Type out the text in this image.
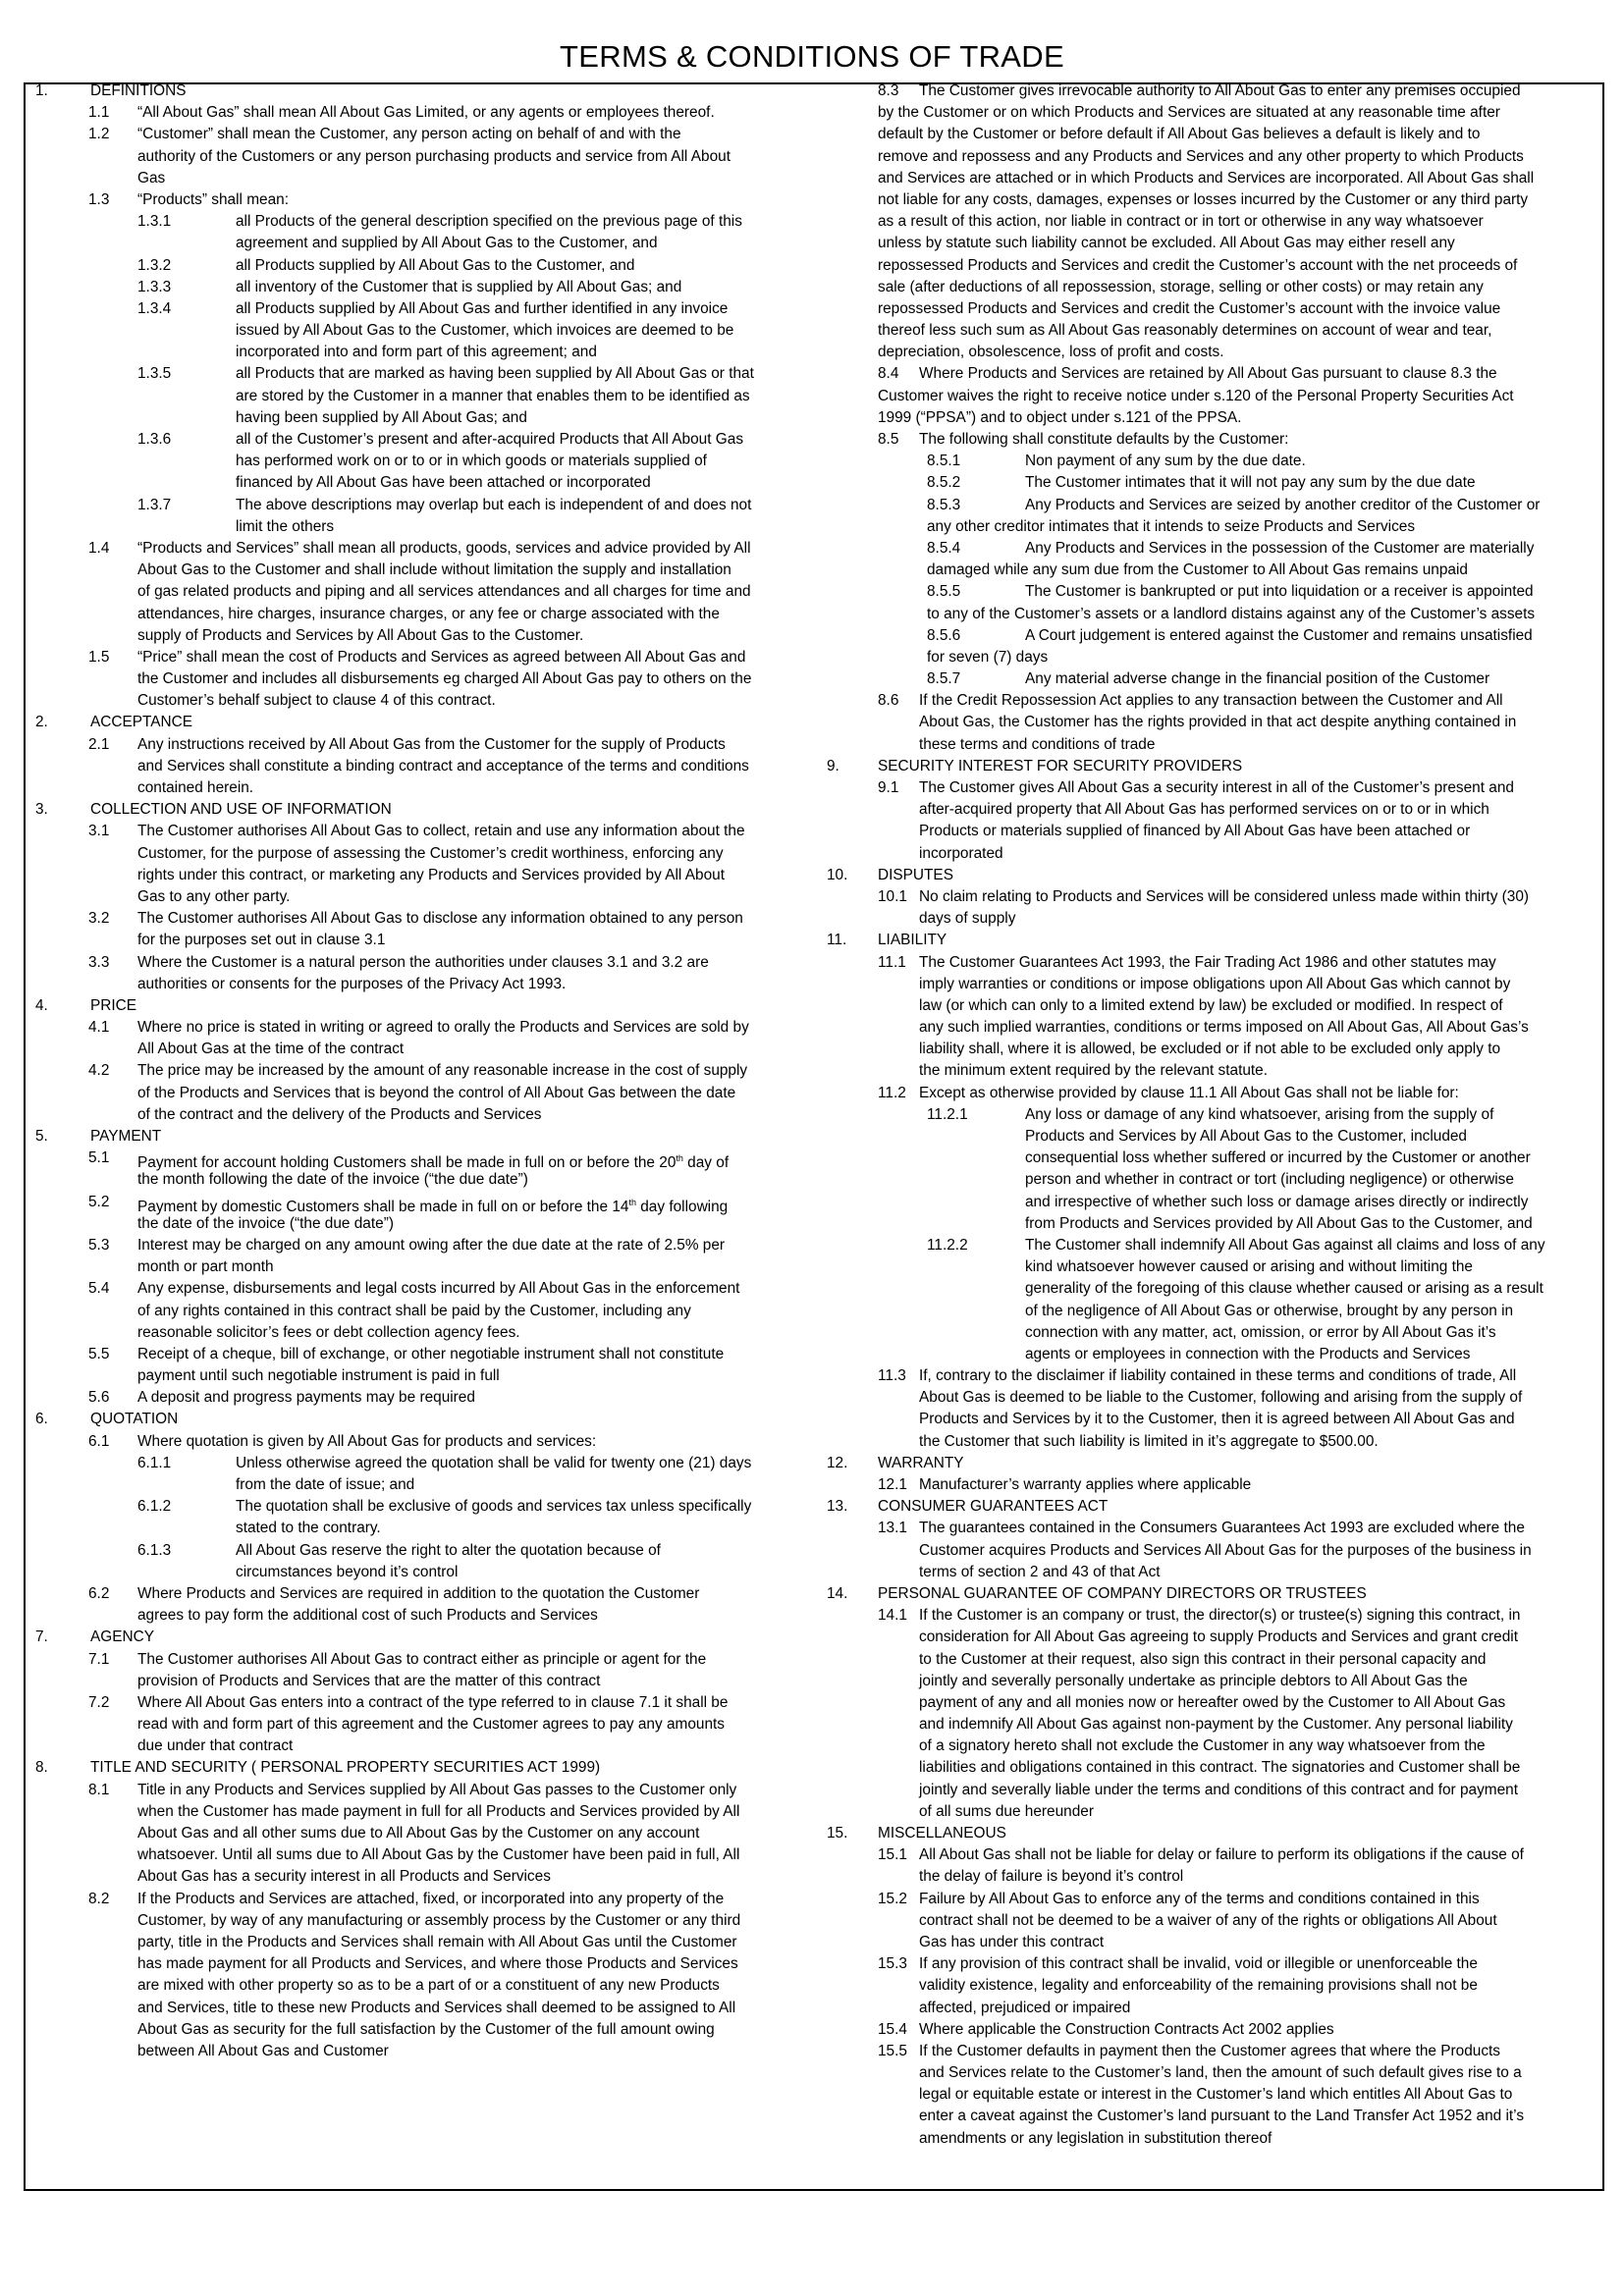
TERMS & CONDITIONS OF TRADE
1.	DEFINITIONS
1.1 “All About Gas” shall mean All About Gas Limited, or any agents or employees thereof.
1.2 “Customer” shall mean the Customer, any person acting on behalf of and with the
authority of the Customers or any person purchasing products and service from All About
Gas
1.3 “Products” shall mean:
1.3.1	all Products of the general description specified on the previous page of this
agreement and supplied by All About Gas to the Customer, and
1.3.2	all Products supplied by All About Gas to the Customer, and
1.3.3	all inventory of the Customer that is supplied by All About Gas; and
1.3.4	all Products supplied by All About Gas and further identified in any invoice
issued by All About Gas to the Customer, which invoices are deemed to be
incorporated into and form part of this agreement; and
1.3.5	all Products that are marked as having been supplied by All About Gas or that
are stored by the Customer in a manner that enables them to be identified as
having been supplied by All About Gas; and
1.3.6	all of the Customer’s present and after-acquired Products that All About Gas
has performed work on or to or in which goods or materials supplied of
financed by All About Gas have been attached or incorporated
1.3.7	The above descriptions may overlap but each is independent of and does not
limit the others
1.4 “Products and Services” shall mean all products, goods, services and advice provided by All
About Gas to the Customer and shall include without limitation the supply and installation
of gas related products and piping and all services attendances and all charges for time and
attendances, hire charges, insurance charges, or any fee or charge associated with the
supply of Products and Services by All About Gas to the Customer.
1.5 “Price” shall mean the cost of Products and Services as agreed between All About Gas and
the Customer and includes all disbursements eg charged All About Gas pay to others on the
Customer’s behalf subject to clause 4 of this contract.
2.	ACCEPTANCE
2.1 Any instructions received by All About Gas from the Customer for the supply of Products
and Services shall constitute a binding contract and acceptance of the terms and conditions
contained herein.
3.	COLLECTION AND USE OF INFORMATION
3.1 The Customer authorises All About Gas to collect, retain and use any information about the
Customer, for the purpose of assessing the Customer’s credit worthiness, enforcing any
rights under this contract, or marketing any Products and Services provided by All About
Gas to any other party.
3.2 The Customer authorises All About Gas to disclose any information obtained to any person
for the purposes set out in clause 3.1
3.3 Where the Customer is a natural person the authorities under clauses 3.1 and 3.2 are
authorities or consents for the purposes of the Privacy Act 1993.
4.	PRICE
4.1 Where no price is stated in writing or agreed to orally the Products and Services are sold by
All About Gas at the time of the contract
4.2 The price may be increased by the amount of any reasonable increase in the cost of supply
of the Products and Services that is beyond the control of All About Gas between the date
of the contract and the delivery of the Products and Services
5.	PAYMENT
5.1 Payment for account holding Customers shall be made in full on or before the 20th day of
the month following the date of the invoice (“the due date”)
5.2 Payment by domestic Customers shall be made in full on or before the 14th day following
the date of the invoice (“the due date”)
5.3 Interest may be charged on any amount owing after the due date at the rate of 2.5% per
month or part month
5.4 Any expense, disbursements and legal costs incurred by All About Gas in the enforcement
of any rights contained in this contract shall be paid by the Customer, including any
reasonable solicitor’s fees or debt collection agency fees.
5.5 Receipt of a cheque, bill of exchange, or other negotiable instrument shall not constitute
payment until such negotiable instrument is paid in full
5.6 A deposit and progress payments may be required
6.	QUOTATION
6.1 Where quotation is given by All About Gas for products and services:
6.1.1	Unless otherwise agreed the quotation shall be valid for twenty one (21) days
from the date of issue; and
6.1.2	The quotation shall be exclusive of goods and services tax unless specifically
stated to the contrary.
6.1.3	All About Gas reserve the right to alter the quotation because of
circumstances beyond it’s control
6.2 Where Products and Services are required in addition to the quotation the Customer
agrees to pay form the additional cost of such Products and Services
7.	AGENCY
7.1 The Customer authorises All About Gas to contract either as principle or agent for the
provision of Products and Services that are the matter of this contract
7.2 Where All About Gas enters into a contract of the type referred to in clause 7.1 it shall be
read with and form part of this agreement and the Customer agrees to pay any amounts
due under that contract
8.	TITLE AND SECURITY ( PERSONAL PROPERTY SECURITIES ACT 1999)
8.1 Title in any Products and Services supplied by All About Gas passes to the Customer only
when the Customer has made payment in full for all Products and Services provided by All
About Gas and all other sums due to All About Gas by the Customer on any account
whatsoever. Until all sums due to All About Gas by the Customer have been paid in full, All
About Gas has a security interest in all Products and Services
8.2 If the Products and Services are attached, fixed, or incorporated into any property of the
Customer, by way of any manufacturing or assembly process by the Customer or any third
party, title in the Products and Services shall remain with All About Gas until the Customer
has made payment for all Products and Services, and where those Products and Services
are mixed with other property so as to be a part of or a constituent of any new Products
and Services, title to these new Products and Services shall deemed to be assigned to All
About Gas as security for the full satisfaction by the Customer of the full amount owing
between All About Gas and Customer
8.3 The Customer gives irrevocable authority to All About Gas to enter any premises occupied
by the Customer or on which Products and Services are situated at any reasonable time after
default by the Customer or before default if All About Gas believes a default is likely and to
remove and repossess and any Products and Services and any other property to which Products
and Services are attached or in which Products and Services are incorporated. All About Gas shall
not liable for any costs, damages, expenses or losses incurred by the Customer or any third party
as a result of this action, nor liable in contract or in tort or otherwise in any way whatsoever
unless by statute such liability cannot be excluded. All About Gas may either resell any
repossessed Products and Services and credit the Customer’s account with the net proceeds of
sale (after deductions of all repossession, storage, selling or other costs) or may retain any
repossessed Products and Services and credit the Customer’s account with the invoice value
thereof less such sum as All About Gas reasonably determines on account of wear and tear,
depreciation, obsolescence, loss of profit and costs.
8.4 Where Products and Services are retained by All About Gas pursuant to clause 8.3 the
Customer waives the right to receive notice under s.120 of the Personal Property Securities Act
1999 (“PPSA”) and to object under s.121 of the PPSA.
8.5 The following shall constitute defaults by the Customer:
8.5.1	Non payment of any sum by the due date.
8.5.2	The Customer intimates that it will not pay any sum by the due date
8.5.3	Any Products and Services are seized by another creditor of the Customer or
any other creditor intimates that it intends to seize Products and Services
8.5.4	Any Products and Services in the possession of the Customer are materially
damaged while any sum due from the Customer to All About Gas remains unpaid
8.5.5	The Customer is bankrupted or put into liquidation or a receiver is appointed
to any of the Customer’s assets or a landlord distains against any of the Customer’s assets
8.5.6	A Court judgement is entered against the Customer and remains unsatisfied
for seven (7) days
8.5.7	Any material adverse change in the financial position of the Customer
8.6 If the Credit Repossession Act applies to any transaction between the Customer and All
About Gas, the Customer has the rights provided in that act despite anything contained in
these terms and conditions of trade
9.	SECURITY INTEREST FOR SECURITY PROVIDERS
9.1 The Customer gives All About Gas a security interest in all of the Customer’s present and
after-acquired property that All About Gas has performed services on or to or in which
Products or materials supplied of financed by All About Gas have been attached or
incorporated
10. DISPUTES
10.1 No claim relating to Products and Services will be considered unless made within thirty (30)
days of supply
11. LIABILITY
11.1 The Customer Guarantees Act 1993, the Fair Trading Act 1986 and other statutes may
imply warranties or conditions or impose obligations upon All About Gas which cannot by
law (or which can only to a limited extend by law) be excluded or modified. In respect of
any such implied warranties, conditions or terms imposed on All About Gas, All About Gas’s
liability shall, where it is allowed, be excluded or if not able to be excluded only apply to
the minimum extent required by the relevant statute.
11.2 Except as otherwise provided by clause 11.1 All About Gas shall not be liable for:
11.2.1	Any loss or damage of any kind whatsoever, arising from the supply of
Products and Services by All About Gas to the Customer, included
consequential loss whether suffered or incurred by the Customer or another
person and whether in contract or tort (including negligence) or otherwise
and irrespective of whether such loss or damage arises directly or indirectly
from Products and Services provided by All About Gas to the Customer, and
11.2.2	The Customer shall indemnify All About Gas against all claims and loss of any
kind whatsoever however caused or arising and without limiting the
generality of the foregoing of this clause whether caused or arising as a result
of the negligence of All About Gas or otherwise, brought by any person in
connection with any matter, act, omission, or error by All About Gas it’s
agents or employees in connection with the Products and Services
11.3 If, contrary to the disclaimer if liability contained in these terms and conditions of trade, All
About Gas is deemed to be liable to the Customer, following and arising from the supply of
Products and Services by it to the Customer, then it is agreed between All About Gas and
the Customer that such liability is limited in it’s aggregate to $500.00.
12. WARRANTY
12.1 Manufacturer’s warranty applies where applicable
13. CONSUMER GUARANTEES ACT
13.1 The guarantees contained in the Consumers Guarantees Act 1993 are excluded where the
Customer acquires Products and Services All About Gas for the purposes of the business in
terms of section 2 and 43 of that Act
14. PERSONAL GUARANTEE OF COMPANY DIRECTORS OR TRUSTEES
14.1 If the Customer is an company or trust, the director(s) or trustee(s) signing this contract, in
consideration for All About Gas agreeing to supply Products and Services and grant credit
to the Customer at their request, also sign this contract in their personal capacity and
jointly and severally personally undertake as principle debtors to All About Gas the
payment of any and all monies now or hereafter owed by the Customer to All About Gas
and indemnify All About Gas against non-payment by the Customer. Any personal liability
of a signatory hereto shall not exclude the Customer in any way whatsoever from the
liabilities and obligations contained in this contract. The signatories and Customer shall be
jointly and severally liable under the terms and conditions of this contract and for payment
of all sums due hereunder
15. MISCELLANEOUS
15.1 All About Gas shall not be liable for delay or failure to perform its obligations if the cause of
the delay of failure is beyond it’s control
15.2 Failure by All About Gas to enforce any of the terms and conditions contained in this
contract shall not be deemed to be a waiver of any of the rights or obligations All About
Gas has under this contract
15.3 If any provision of this contract shall be invalid, void or illegible or unenforceable the
validity existence, legality and enforceability of the remaining provisions shall not be
affected, prejudiced or impaired
15.4 Where applicable the Construction Contracts Act 2002 applies
15.5 If the Customer defaults in payment then the Customer agrees that where the Products
and Services relate to the Customer’s land, then the amount of such default gives rise to a
legal or equitable estate or interest in the Customer’s land which entitles All About Gas to
enter a caveat against the Customer’s land pursuant to the Land Transfer Act 1952 and it’s
amendments or any legislation in substitution thereof
